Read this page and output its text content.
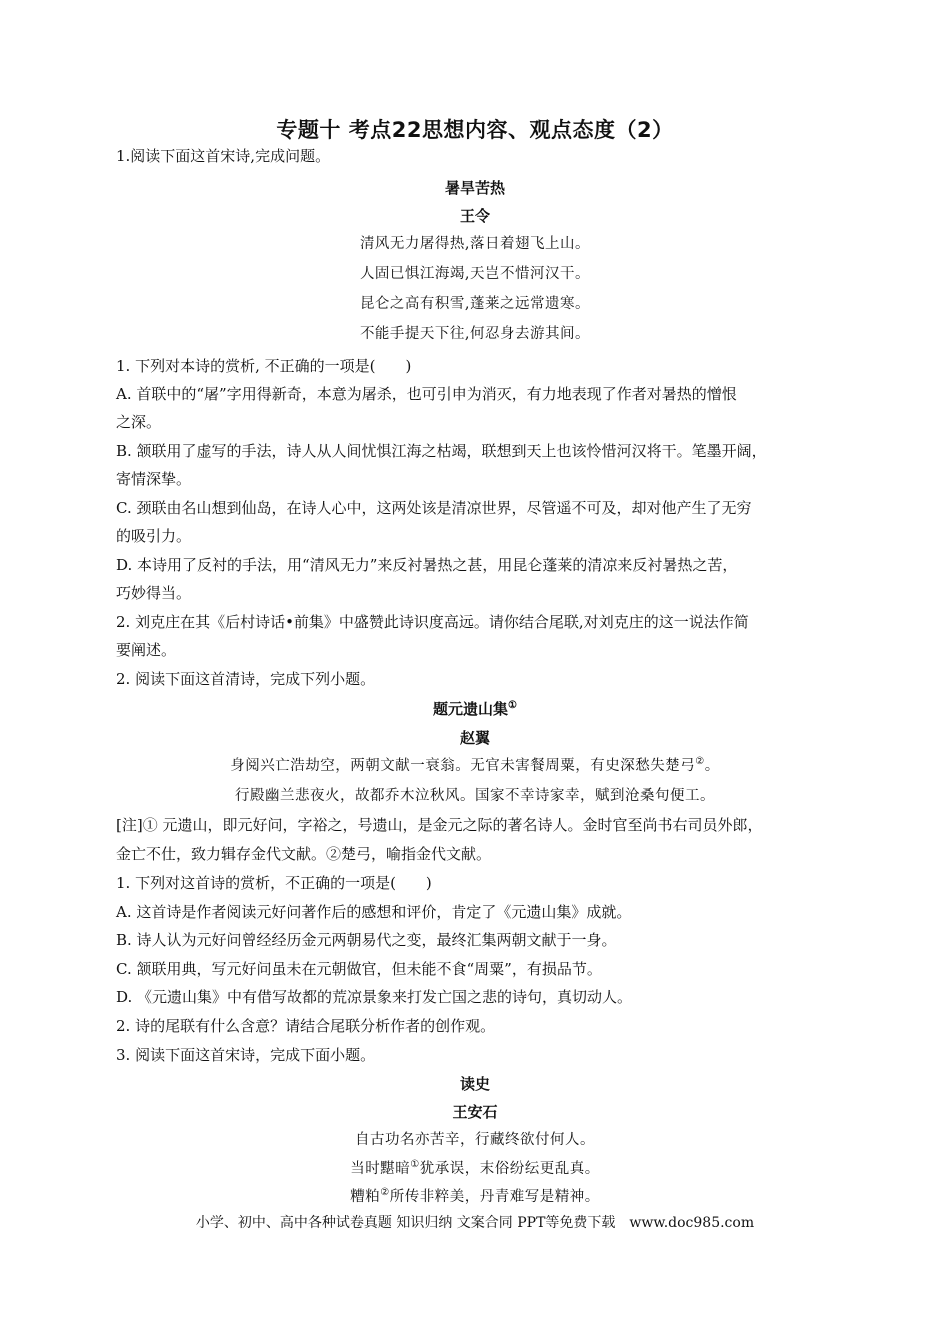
专题十 考点22思想内容、观点态度（2）
1.阅读下面这首宋诗,完成问题。
暑旱苦热
王令
清风无力屠得热,落日着翅飞上山。
人固已惧江海竭,天岂不惜河汉干。
昆仑之高有积雪,蓬莱之远常遗寒。
不能手提天下往,何忍身去游其间。
1. 下列对本诗的赏析, 不正确的一项是(　　)
A. 首联中的“屠”字用得新奇，本意为屠杀，也可引申为消灭，有力地表现了作者对暑热的憎恨
之深。
B. 颔联用了虚写的手法，诗人从人间忧惧江海之枯竭，联想到天上也该怜惜河汉将干。笔墨开阔，
寄情深挚。
C. 颈联由名山想到仙岛，在诗人心中，这两处该是清凉世界，尽管遥不可及，却对他产生了无穷
的吸引力。
D. 本诗用了反衬的手法，用“清风无力”来反衬暑热之甚，用昆仑蓬莱的清凉来反衬暑热之苦，
巧妙得当。
2. 刘克庄在其《后村诗话•前集》中盛赞此诗识度高远。请你结合尾联,对刘克庄的这一说法作简
要阐述。
2. 阅读下面这首清诗，完成下列小题。
题元遗山集①
赵翼
身阅兴亡浩劫空，两朝文献一衰翁。无官未害餐周粟，有史深愁失楚弓②。
行殿幽兰悲夜火，故都乔木泣秋风。国家不幸诗家幸，赋到沧桑句便工。
[注]① 元遗山，即元好问，字裕之，号遗山，是金元之际的著名诗人。金时官至尚书右司员外郎，
金亡不仕，致力辑存金代文献。②楚弓，喻指金代文献。
1. 下列对这首诗的赏析，不正确的一项是(　　)
A. 这首诗是作者阅读元好问著作后的感想和评价，肯定了《元遗山集》成就。
B. 诗人认为元好问曾经经历金元两朝易代之变，最终汇集两朝文献于一身。
C. 颔联用典，写元好问虽未在元朝做官，但未能不食“周粟”，有损品节。
D. 《元遗山集》中有借写故都的荒凉景象来打发亡国之悲的诗句，真切动人。
2. 诗的尾联有什么含意？请结合尾联分析作者的创作观。
3. 阅读下面这首宋诗，完成下面小题。
读史
王安石
自古功名亦苦辛，行藏终欲付何人。
当时黮暗①犹承误，末俗纷纭更乱真。
糟粕②所传非粹美，丹青难写是精神。
小学、初中、高中各种试卷真题 知识归纳 文案合同 PPT等免费下载　www.doc985.com
